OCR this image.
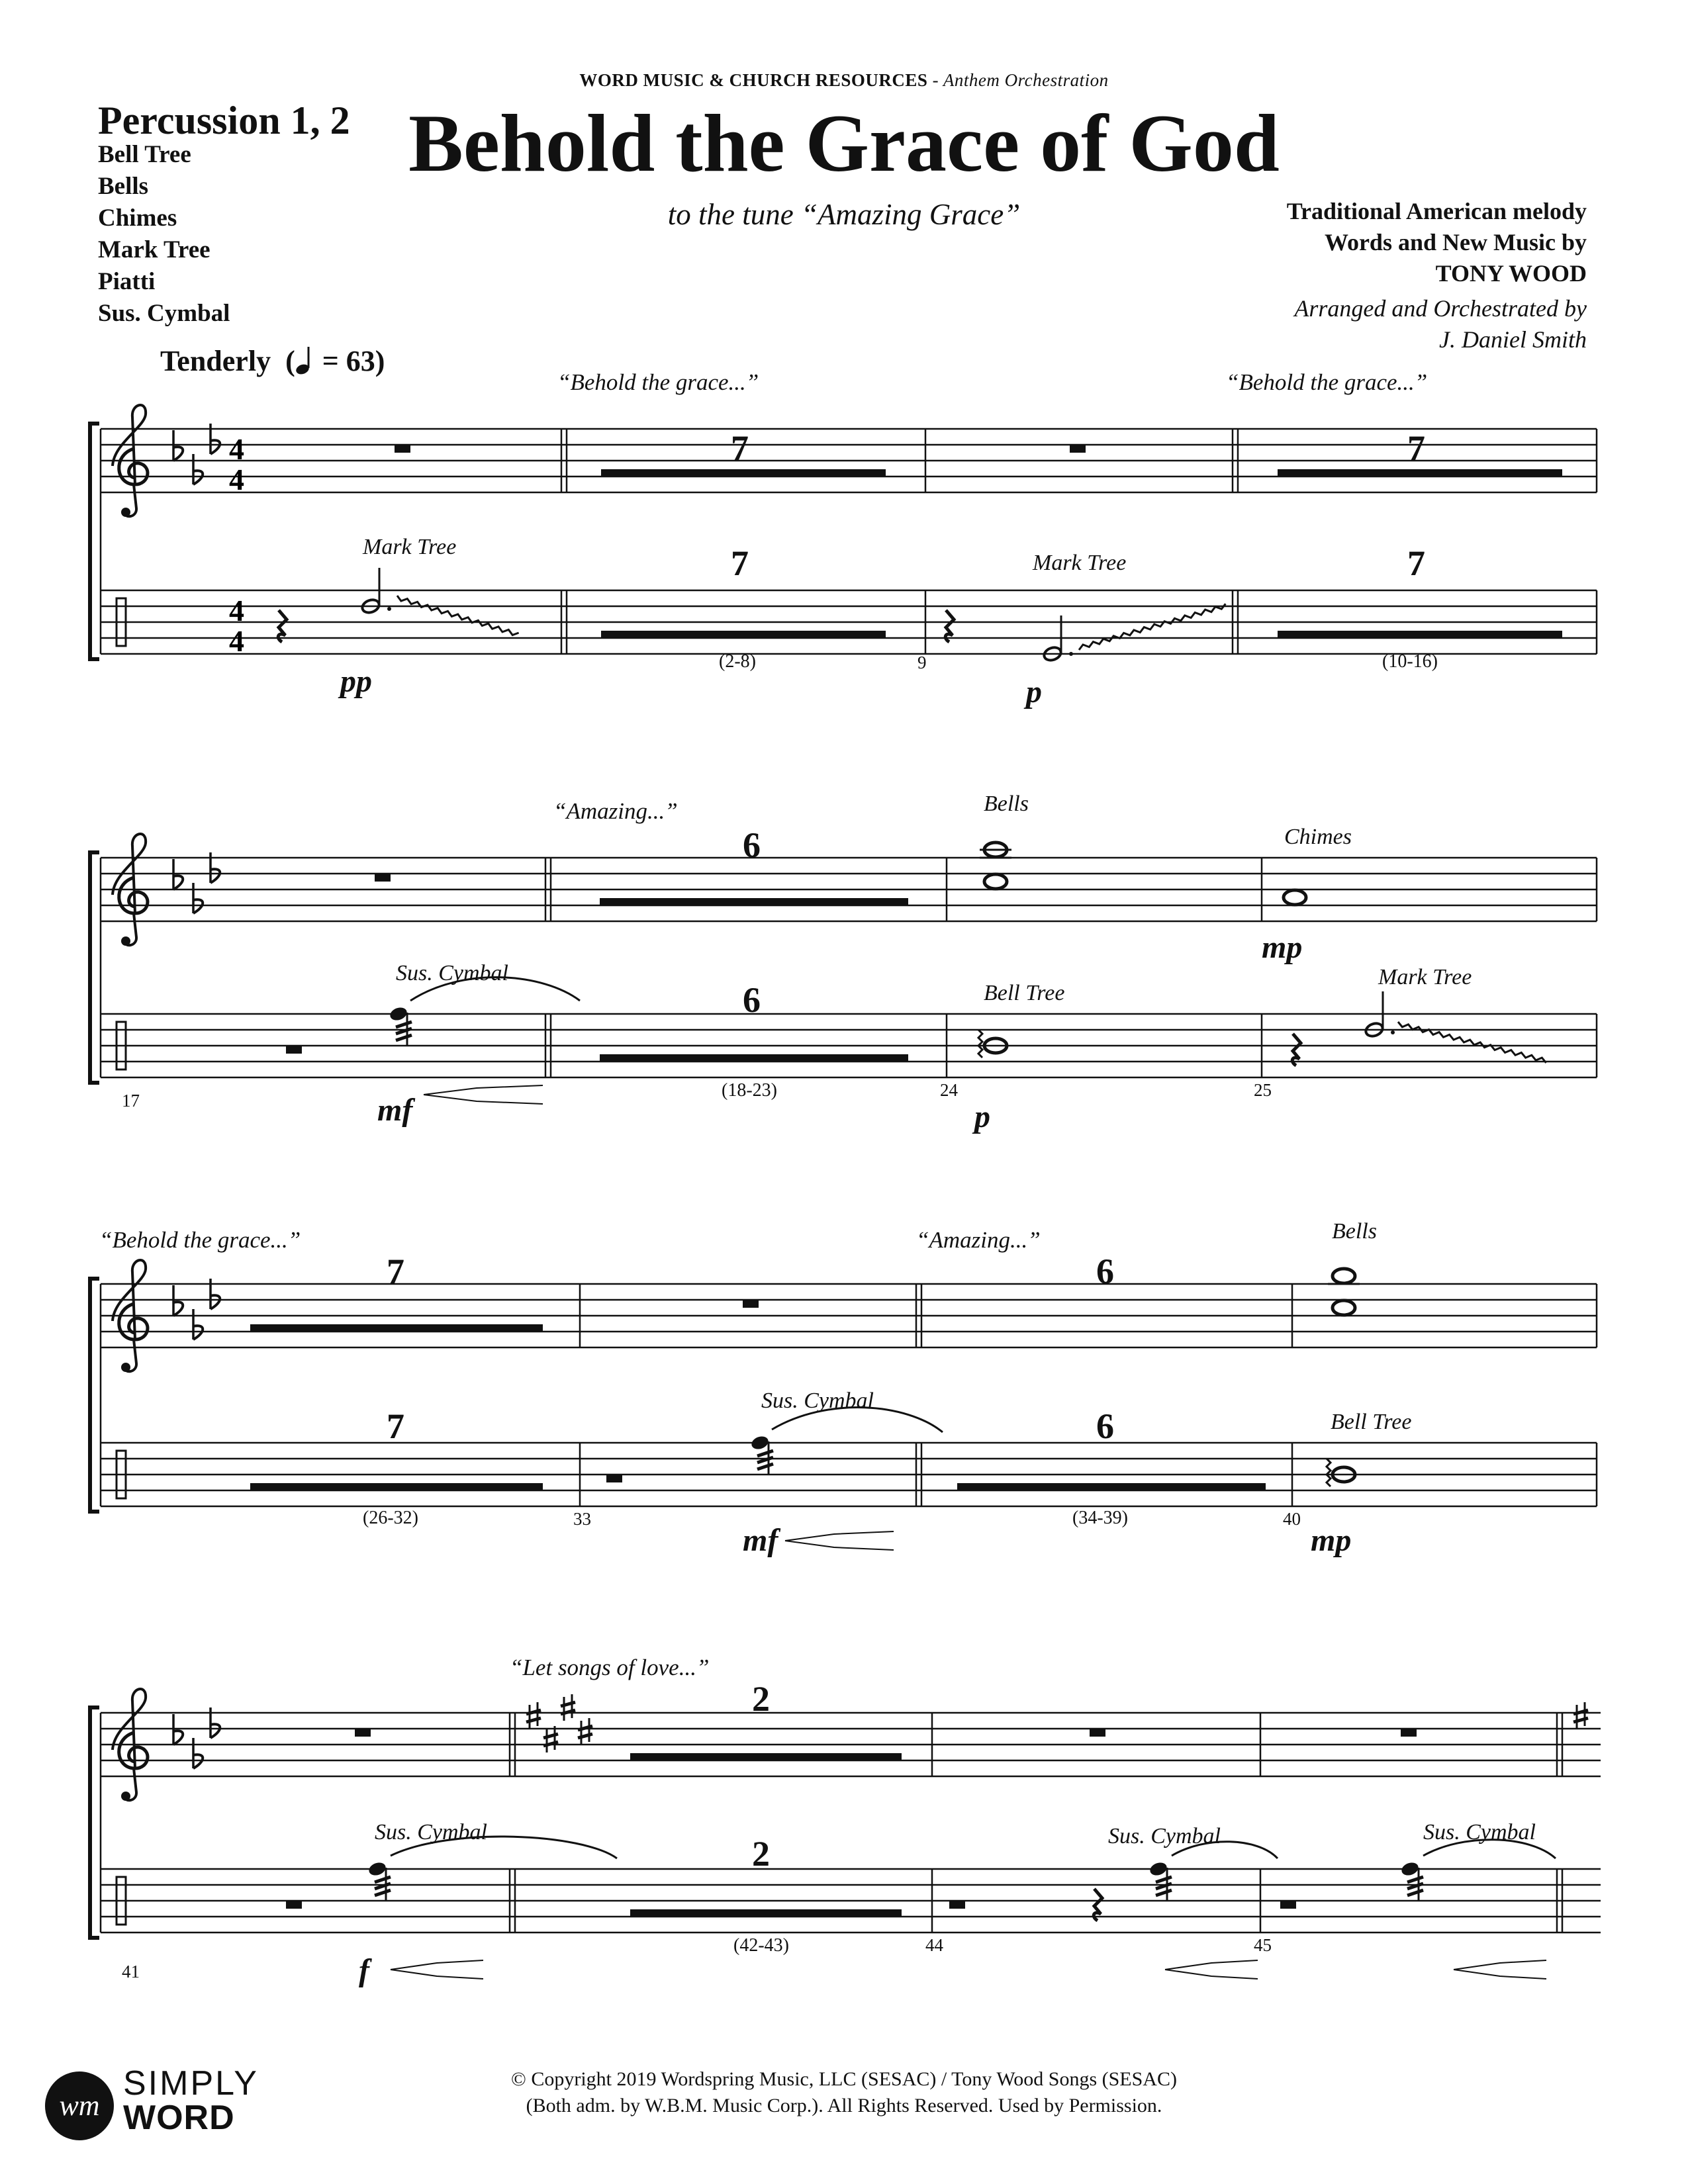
WORD MUSIC & CHURCH RESOURCES - Anthem Orchestration
Percussion 1, 2
Bell Tree
Bells
Chimes
Mark Tree
Piatti
Sus. Cymbal
Behold the Grace of God
to the tune “Amazing Grace”	Traditional American melody
Words and New Music by
TONY WOOD
Arranged and Orchestrated by
J. Daniel Smith
Tenderly  ( = 63)
4
4
4
4
“Behold the grace...”	“Behold the grace...”
7	7
7	7
Mark Tree
Mark Tree
(2-8)	(10-16)
9
pp	p
“Amazing...”
6
6
Bells
Chimes
Sus. Cymbal
Bell Tree
Mark Tree
(18-23)
17
24	25
mf	p
mp
“Behold the grace...”	“Amazing...”
7
7
6
6
Bells
Sus. Cymbal
Bell Tree
(26-32)	(34-39)
33	40
mf	mp
“Let songs of love...”
2
2
Sus. Cymbal	Sus. Cymbal	Sus. Cymbal
(42-43)
41
44	45
f
© Copyright 2019 Wordspring Music, LLC (SESAC) / Tony Wood Songs (SESAC)
(Both adm. by W.B.M. Music Corp.). All Rights Reserved. Used by Permission.
wm
SIMPLY
WORD
